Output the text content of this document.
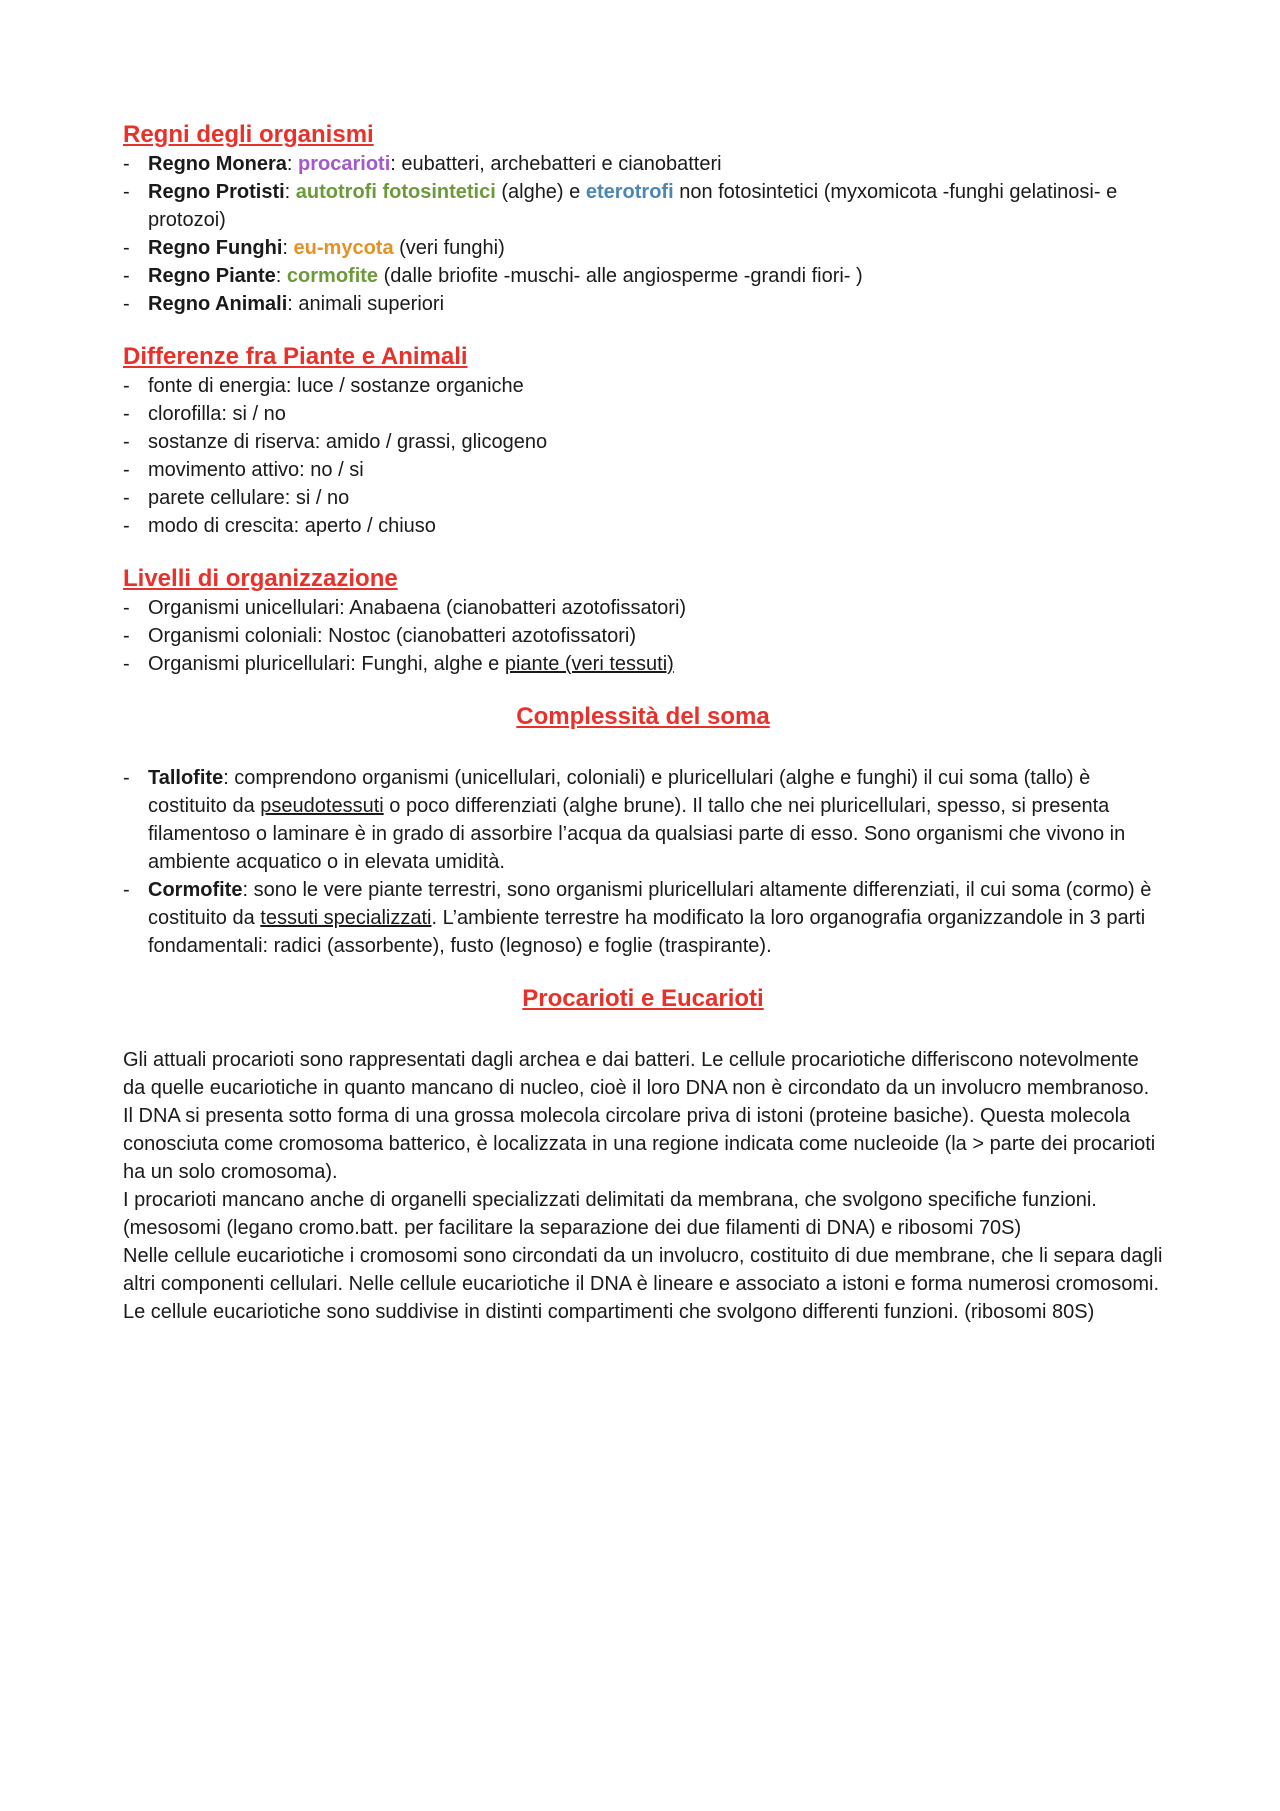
Regni degli organismi
- Regno Monera: procarioti: eubatteri, archebatteri e cianobatteri
- Regno Protisti: autotrofi fotosintetici (alghe) e eterotrofi non fotosintetici (myxomicota -funghi gelatinosi- e protozoi)
- Regno Funghi: eu-mycota (veri funghi)
- Regno Piante: cormofite (dalle briofite -muschi- alle angiosperme -grandi fiori- )
- Regno Animali: animali superiori
Differenze fra Piante e Animali
- fonte di energia: luce / sostanze organiche
- clorofilla: si / no
- sostanze di riserva: amido / grassi, glicogeno
- movimento attivo: no / si
- parete cellulare: si / no
- modo di crescita: aperto / chiuso
Livelli di organizzazione
- Organismi unicellulari: Anabaena (cianobatteri azotofissatori)
- Organismi coloniali: Nostoc (cianobatteri azotofissatori)
- Organismi pluricellulari: Funghi, alghe e piante (veri tessuti)
Complessità del soma
- Tallofite: comprendono organismi (unicellulari, coloniali) e pluricellulari (alghe e funghi) il cui soma (tallo) è costituito da pseudotessuti o poco differenziati (alghe brune). Il tallo che nei pluricellulari, spesso, si presenta filamentoso o laminare è in grado di assorbire l’acqua da qualsiasi parte di esso. Sono organismi che vivono in ambiente acquatico o in elevata umidità.
- Cormofite: sono le vere piante terrestri, sono organismi pluricellulari altamente differenziati, il cui soma (cormo) è costituito da tessuti specializzati. L’ambiente terrestre ha modificato la loro organografia organizzandole in 3 parti fondamentali: radici (assorbente), fusto (legnoso) e foglie (traspirante).
Procarioti e Eucarioti

Gli attuali procarioti sono rappresentati dagli archea e dai batteri. Le cellule procariotiche differiscono notevolmente da quelle eucariotiche in quanto mancano di nucleo, cioè il loro DNA non è circondato da un involucro membranoso. Il DNA si presenta sotto forma di una grossa molecola circolare priva di istoni (proteine basiche). Questa molecola conosciuta come cromosoma batterico, è localizzata in una regione indicata come nucleoide (la > parte dei procarioti ha un solo cromosoma).

I procarioti mancano anche di organelli specializzati delimitati da membrana, che svolgono specifiche funzioni. (mesosomi (legano cromo.batt. per facilitare la separazione dei due filamenti di DNA) e ribosomi 70S)

Nelle cellule eucariotiche i cromosomi sono circondati da un involucro, costituito di due membrane, che li separa dagli altri componenti cellulari. Nelle cellule eucariotiche il DNA è lineare e associato a istoni e forma numerosi cromosomi. Le cellule eucariotiche sono suddivise in distinti compartimenti che svolgono differenti funzioni. (ribosomi 80S)
